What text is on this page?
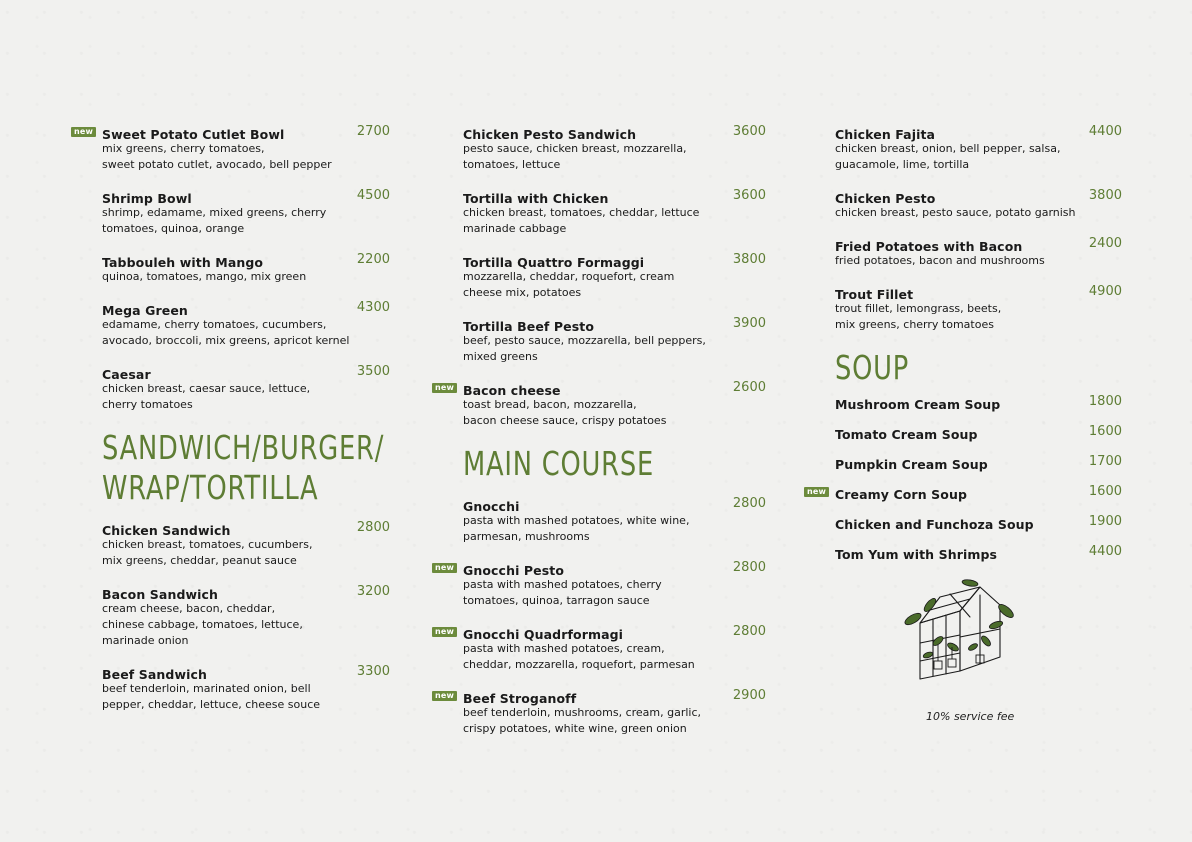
new Sweet Potato Cutlet Bowl	2700
mix greens, cherry tomatoes,
sweet potato cutlet, avocado, bell pepper
Shrimp Bowl	4500
shrimp, edamame, mixed greens, cherry
tomatoes, quinoa, orange
Tabbouleh with Mango	2200
quinoa, tomatoes, mango, mix green
Mega Green	4300
edamame, cherry tomatoes, cucumbers,
avocado, broccoli, mix greens, apricot kernel
Caesar	3500
chicken breast, caesar sauce, lettuce,
cherry tomatoes
SANDWICH/BURGER/
WRAP/TORTILLA
Chicken Sandwich	2800
chicken breast, tomatoes, cucumbers,
mix greens, cheddar, peanut sauce
Bacon Sandwich	3200
cream cheese, bacon, cheddar,
chinese cabbage, tomatoes, lettuce,
marinade onion
Beef Sandwich	3300
beef tenderloin, marinated onion, bell
pepper, cheddar, lettuce, cheese souce
Chicken Pesto Sandwich	3600
pesto sauce, chicken breast, mozzarella,
tomatoes, lettuce
Tortilla with Chicken	3600
chicken breast, tomatoes, cheddar, lettuce
marinade cabbage
Tortilla Quattro Formaggi	3800
mozzarella, cheddar, roquefort, cream
cheese mix, potatoes
Tortilla Beef Pesto	3900
beef, pesto sauce, mozzarella, bell peppers,
mixed greens
new Bacon cheese	2600
toast bread, bacon, mozzarella,
bacon cheese sauce, crispy potatoes
MAIN COURSE
Gnocchi	2800
pasta with mashed potatoes, white wine,
parmesan, mushrooms
new Gnocchi Pesto	2800
pasta with mashed potatoes, cherry
tomatoes, quinoa, tarragon sauce
new Gnocchi Quadrformagi	2800
pasta with mashed potatoes, cream,
cheddar, mozzarella, roquefort, parmesan
new Beef Stroganoff	2900
beef tenderloin, mushrooms, cream, garlic,
crispy potatoes, white wine, green onion
Chicken Fajita	4400
chicken breast, onion, bell pepper, salsa,
guacamole, lime, tortilla
Chicken Pesto	3800
chicken breast, pesto sauce, potato garnish
Fried Potatoes with Bacon	2400
fried potatoes, bacon and mushrooms
Trout Fillet	4900
trout fillet, lemongrass, beets,
mix greens, cherry tomatoes
SOUP
Mushroom Cream Soup	1800
Tomato Cream Soup	1600
Pumpkin Cream Soup	1700
new Creamy Corn Soup	1600
Chicken and Funchoza Soup	1900
Tom Yum with Shrimps	4400
10% service fee
